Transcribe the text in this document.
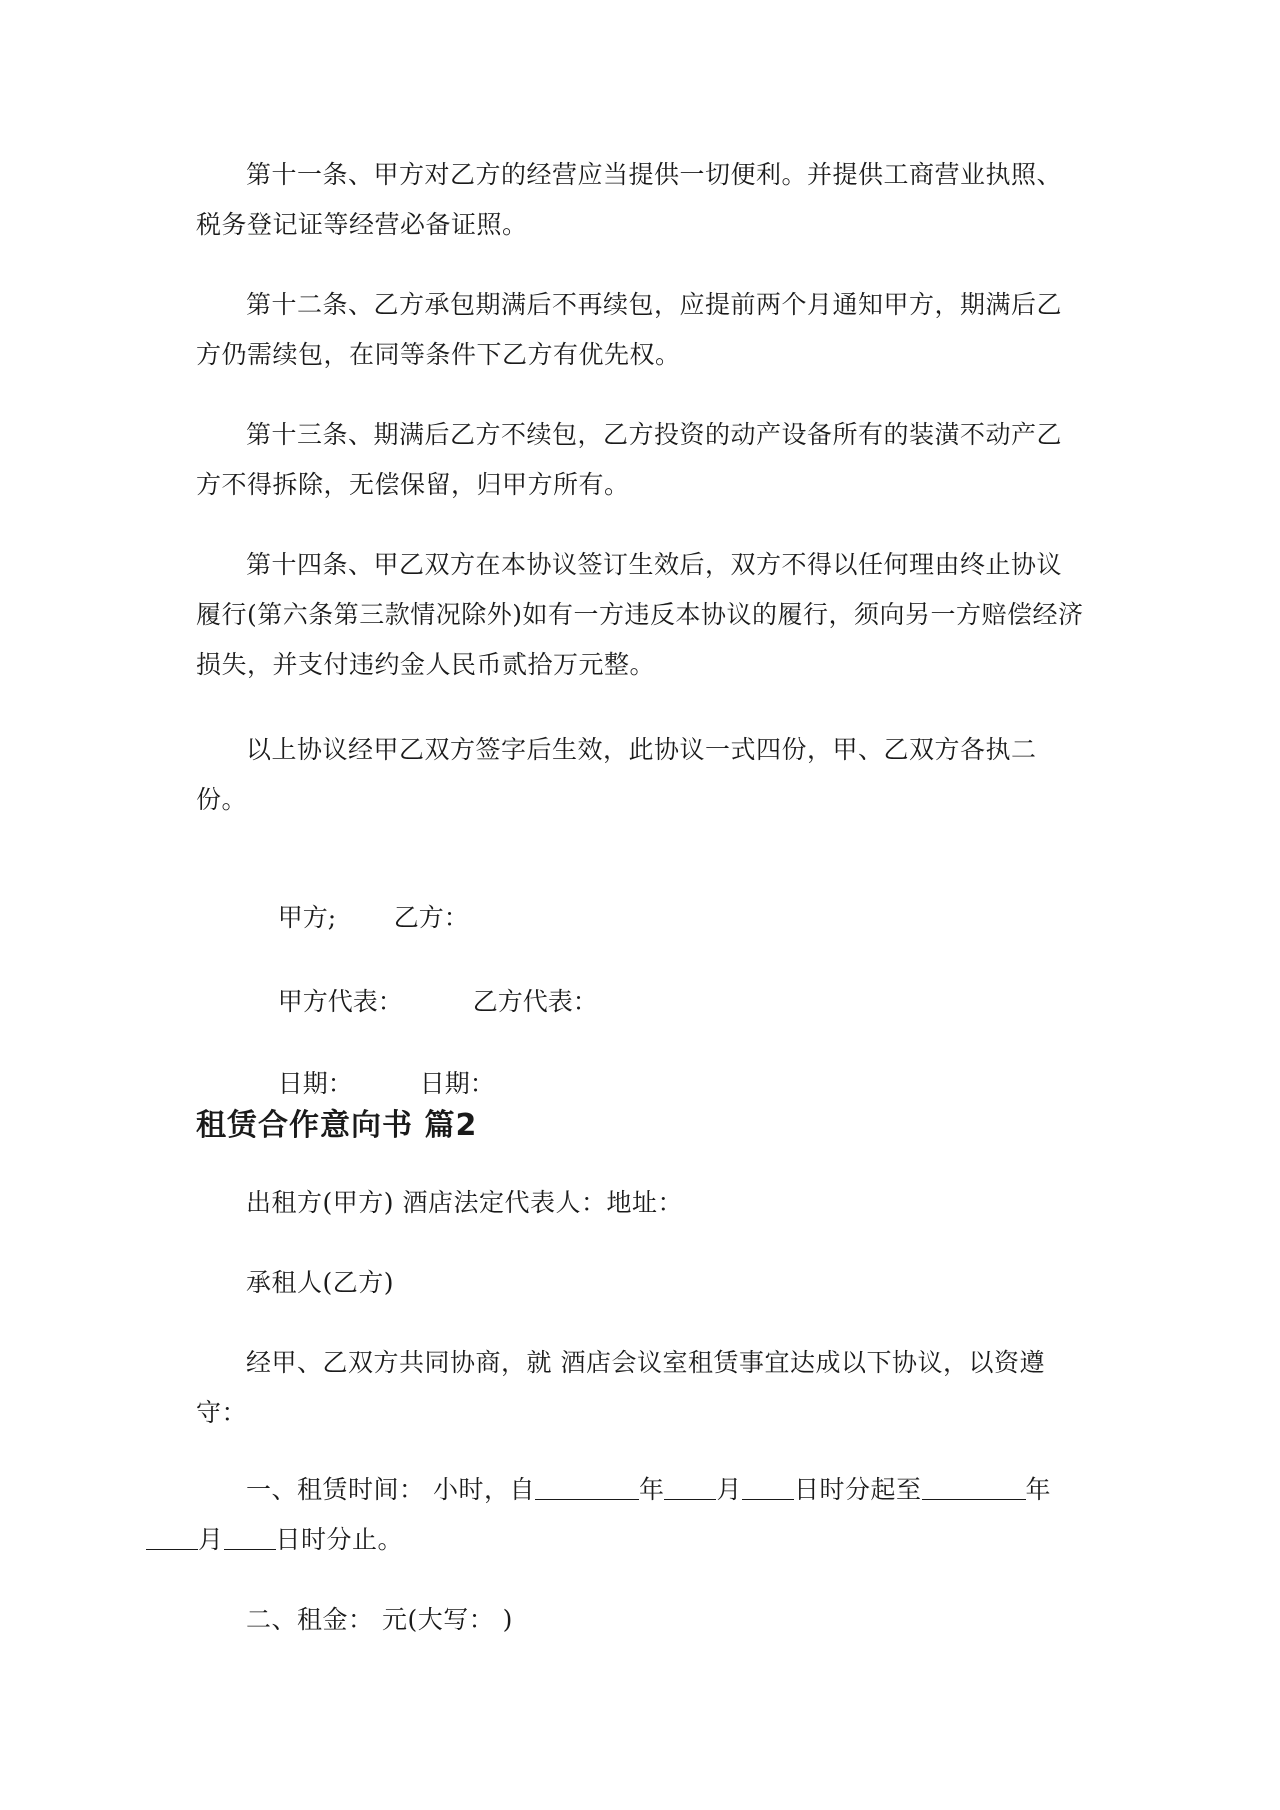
第十一条、甲方对乙方的经营应当提供一切便利。并提供工商营业执照、税务登记证等经营必备证照。
第十二条、乙方承包期满后不再续包，应提前两个月通知甲方，期满后乙方仍需续包，在同等条件下乙方有优先权。
第十三条、期满后乙方不续包，乙方投资的动产设备所有的装潢不动产乙方不得拆除，无偿保留，归甲方所有。
第十四条、甲乙双方在本协议签订生效后，双方不得以任何理由终止协议履行(第六条第三款情况除外)如有一方违反本协议的履行，须向另一方赔偿经济损失，并支付违约金人民币贰拾万元整。
以上协议经甲乙双方签字后生效，此协议一式四份，甲、乙双方各执二份。

甲方; 乙方：

甲方代表：	乙方代表：

日期：	日期：

租赁合作意向书 篇2
出租方(甲方) 酒店法定代表人：地址：
承租人(乙方)
经甲、乙双方共同协商，就 酒店会议室租赁事宜达成以下协议，以资遵守：
一、租赁时间： 小时，自	年 月 日时分起至	年
月 日时分止。
二、租金： 元(大写： )
